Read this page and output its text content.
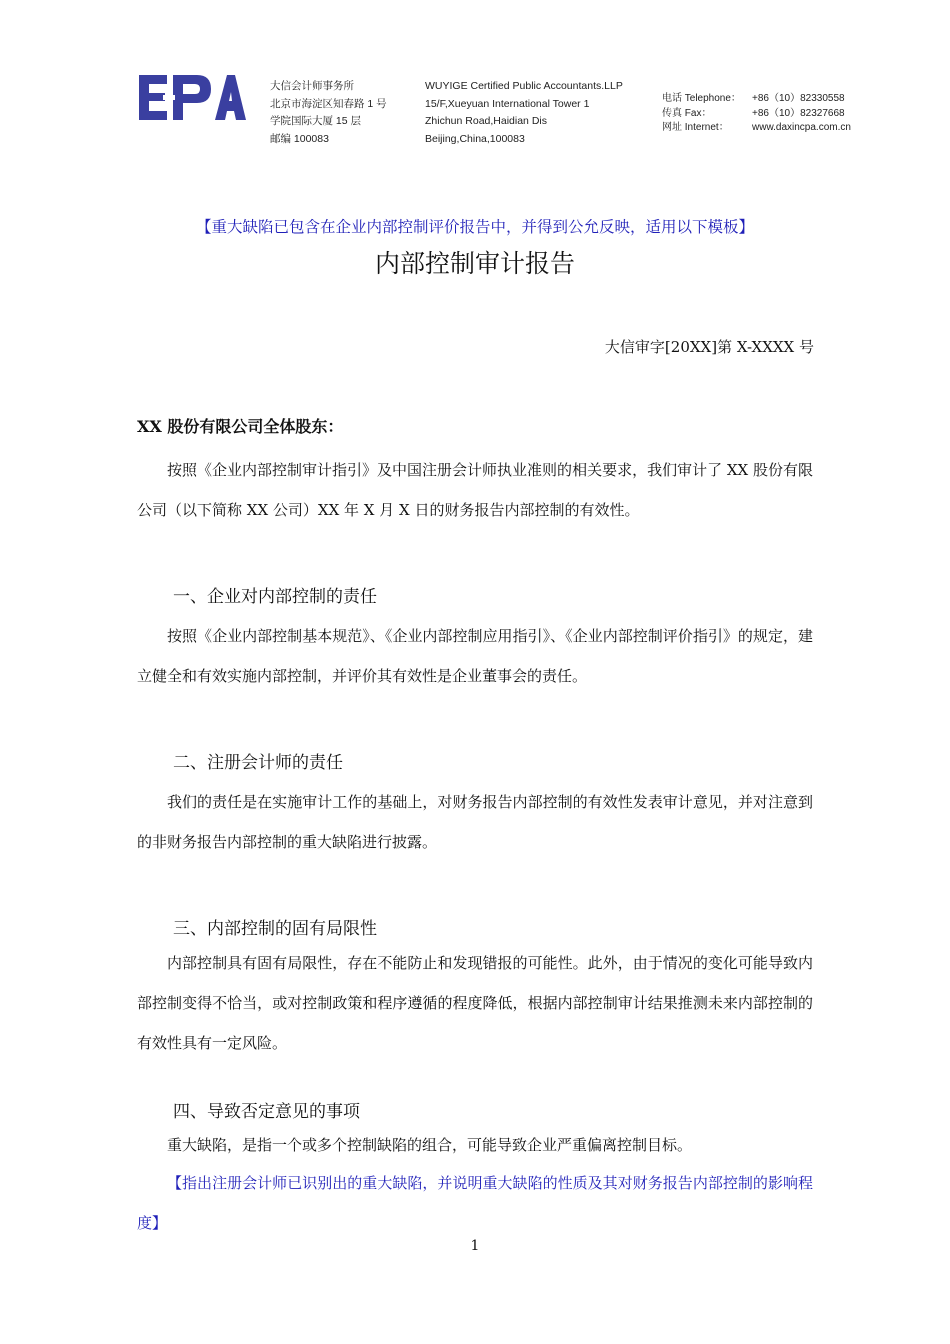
大信会计师事务所
北京市海淀区知春路 1 号
学院国际大厦 15 层
邮编 100083
WUYIGE Certified Public Accountants.LLP
15/F,Xueyuan International Tower 1
Zhichun Road,Haidian Dis
Beijing,China,100083
电话 Telephone：	+86（10）82330558
传真 Fax：	+86（10）82327668
网址 Internet：	www.daxincpa.com.cn
【重大缺陷已包含在企业内部控制评价报告中，并得到公允反映，适用以下模板】
内部控制审计报告
大信审字[20XX]第 X-XXXX 号
XX 股份有限公司全体股东：

按照《企业内部控制审计指引》及中国注册会计师执业准则的相关要求，我们审计了 XX 股份有限公司（以下简称 XX 公司）XX 年 X 月 X 日的财务报告内部控制的有效性。

一、企业对内部控制的责任

按照《企业内部控制基本规范》、《企业内部控制应用指引》、《企业内部控制评价指引》的规定，建立健全和有效实施内部控制，并评价其有效性是企业董事会的责任。

二、注册会计师的责任

我们的责任是在实施审计工作的基础上，对财务报告内部控制的有效性发表审计意见，并对注意到的非财务报告内部控制的重大缺陷进行披露。

三、内部控制的固有局限性

内部控制具有固有局限性，存在不能防止和发现错报的可能性。此外，由于情况的变化可能导致内部控制变得不恰当，或对控制政策和程序遵循的程度降低，根据内部控制审计结果推测未来内部控制的有效性具有一定风险。

四、导致否定意见的事项

重大缺陷，是指一个或多个控制缺陷的组合，可能导致企业严重偏离控制目标。

【指出注册会计师已识别出的重大缺陷，并说明重大缺陷的性质及其对财务报告内部控制的影响程度】

1
